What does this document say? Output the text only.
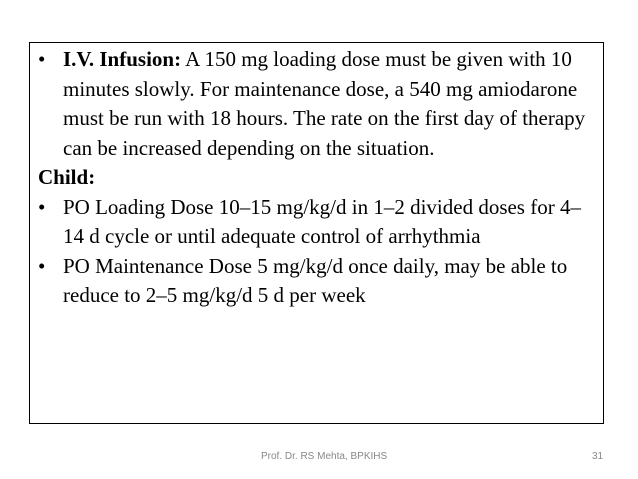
• I.V. Infusion: A 150 mg loading dose must be given with 10 minutes slowly. For maintenance dose, a 540 mg amiodarone must be run with 18 hours. The rate on the first day of therapy can be increased depending on the situation.

Child:

• PO Loading Dose 10–15 mg/kg/d in 1–2 divided doses for 4–14 d cycle or until adequate control of arrhythmia

• PO Maintenance Dose 5 mg/kg/d once daily, may be able to reduce to 2–5 mg/kg/d 5 d per week

Prof. Dr. RS Mehta, BPKIHS	31
